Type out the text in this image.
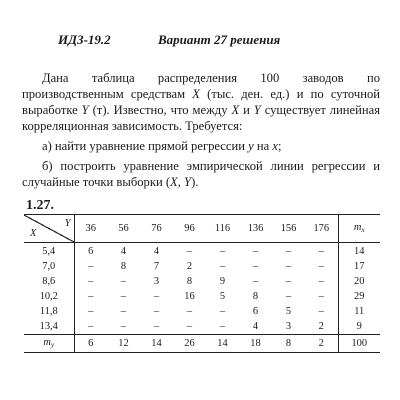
ИДЗ-19.2	Вариант 27 решения

Дана таблица распределения 100 заводов по производственным средствам X (тыс. ден. ед.) и по суточной выработке Y (т). Известно, что между X и Y существует линейная корреляционная зависимость. Требуется:

а) найти уравнение прямой регрессии y на x;

б) построить уравнение эмпирической линии регрессии и случайные точки выборки (X, Y).

1.27.
Y
X	36	56	76	96	116	136	156	176	$m_x$
5,4	6	4	4	–	–	–	–	–	14
7,0	–	8	7	2	–	–	–	–	17
8,6	–	–	3	8	9	–	–	–	20
10,2	–	–	–	16	5	8	–	–	29
11,8	–	–	–	–	–	6	5	–	11
13,4	–	–	–	–	–	4	3	2	9
$m_y$	6	12	14	26	14	18	8	2	100
